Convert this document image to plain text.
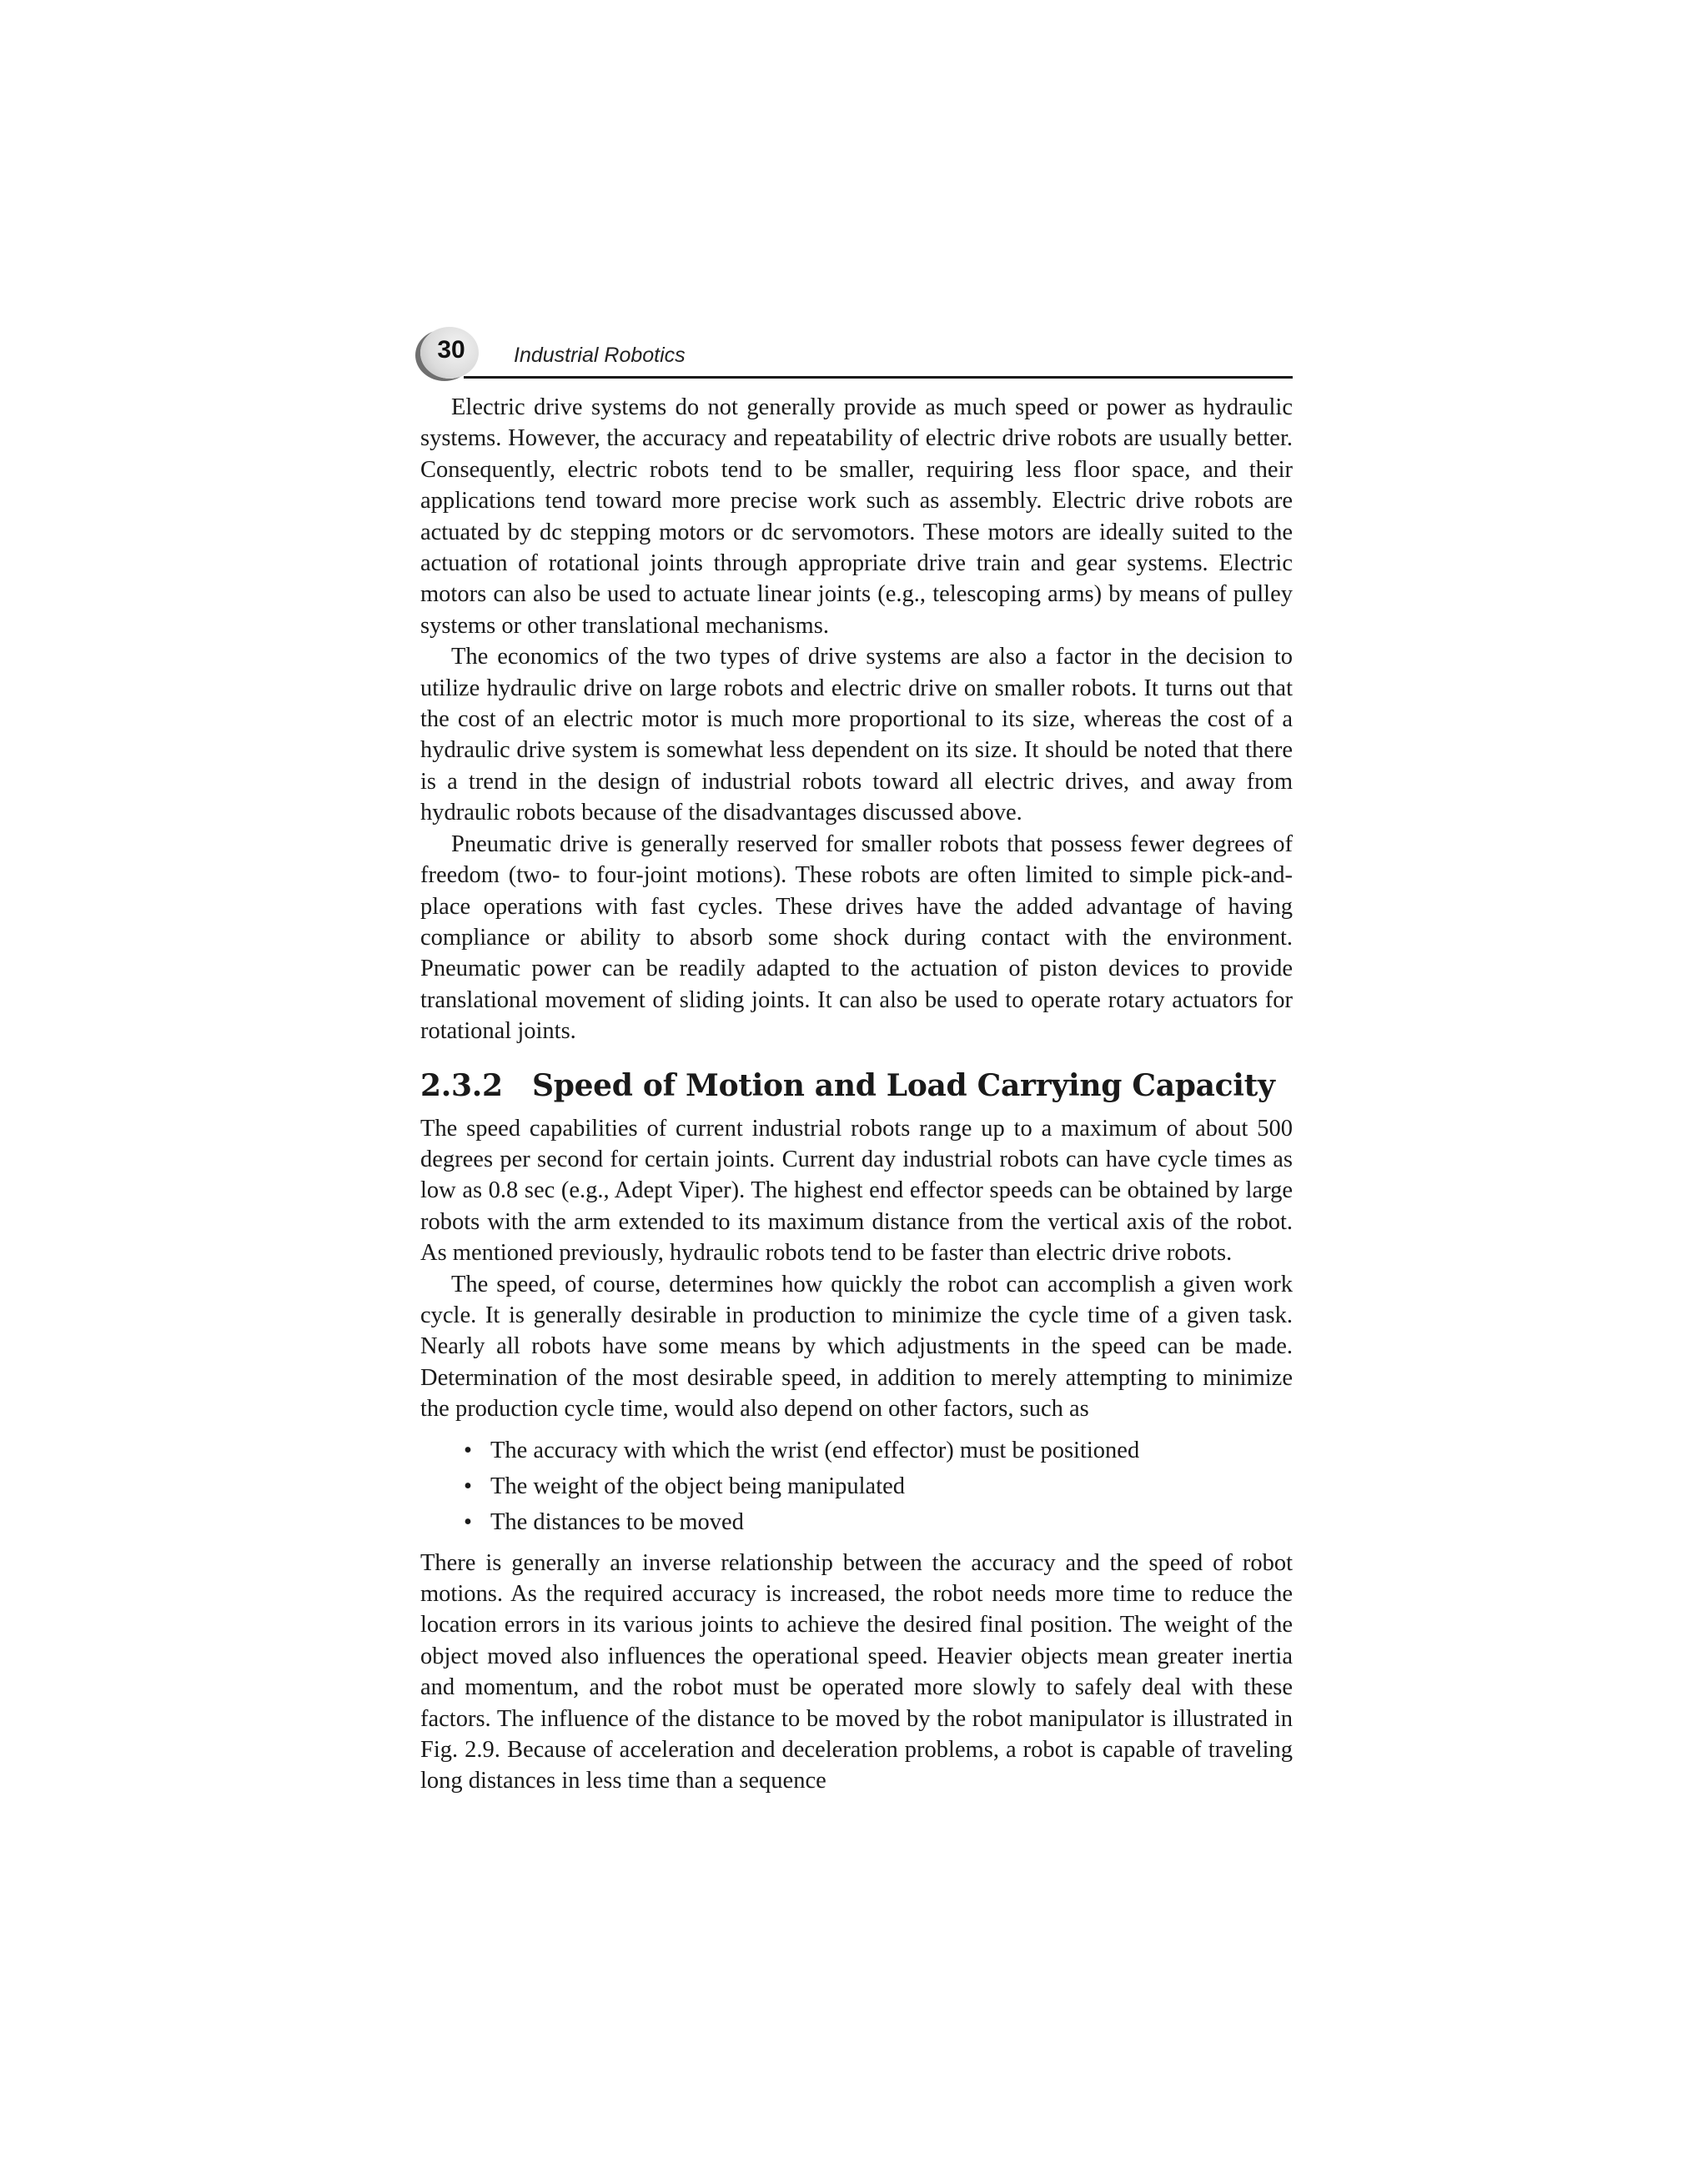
30	Industrial Robotics

Electric drive systems do not generally provide as much speed or power as hydraulic systems. However, the accuracy and repeatability of electric drive robots are usually better. Consequently, electric robots tend to be smaller, requiring less floor space, and their applications tend toward more precise work such as assembly. Electric drive robots are actuated by dc stepping motors or dc servomotors. These motors are ideally suited to the actuation of rotational joints through appropriate drive train and gear systems. Electric motors can also be used to actuate linear joints (e.g., telescoping arms) by means of pulley systems or other translational mechanisms.

The economics of the two types of drive systems are also a factor in the decision to utilize hydraulic drive on large robots and electric drive on smaller robots. It turns out that the cost of an electric motor is much more proportional to its size, whereas the cost of a hydraulic drive system is somewhat less dependent on its size. It should be noted that there is a trend in the design of industrial robots toward all electric drives, and away from hydraulic robots because of the disadvantages discussed above.

Pneumatic drive is generally reserved for smaller robots that possess fewer degrees of freedom (two- to four-joint motions). These robots are often limited to simple pick-and-place operations with fast cycles. These drives have the added advantage of having compliance or ability to absorb some shock during contact with the environment. Pneumatic power can be readily adapted to the actuation of piston devices to provide translational movement of sliding joints. It can also be used to operate rotary actuators for rotational joints.

2.3.2 Speed of Motion and Load Carrying Capacity

The speed capabilities of current industrial robots range up to a maximum of about 500 degrees per second for certain joints. Current day industrial robots can have cycle times as low as 0.8 sec (e.g., Adept Viper). The highest end effector speeds can be obtained by large robots with the arm extended to its maximum distance from the vertical axis of the robot. As mentioned previously, hydraulic robots tend to be faster than electric drive robots.

The speed, of course, determines how quickly the robot can accomplish a given work cycle. It is generally desirable in production to minimize the cycle time of a given task. Nearly all robots have some means by which adjustments in the speed can be made. Determination of the most desirable speed, in addition to merely attempting to minimize the production cycle time, would also depend on other factors, such as

• The accuracy with which the wrist (end effector) must be positioned
• The weight of the object being manipulated
• The distances to be moved

There is generally an inverse relationship between the accuracy and the speed of robot motions. As the required accuracy is increased, the robot needs more time to reduce the location errors in its various joints to achieve the desired final position. The weight of the object moved also influences the operational speed. Heavier objects mean greater inertia and momentum, and the robot must be operated more slowly to safely deal with these factors. The influence of the distance to be moved by the robot manipulator is illustrated in Fig. 2.9. Because of acceleration and deceleration problems, a robot is capable of traveling long distances in less time than a sequence
